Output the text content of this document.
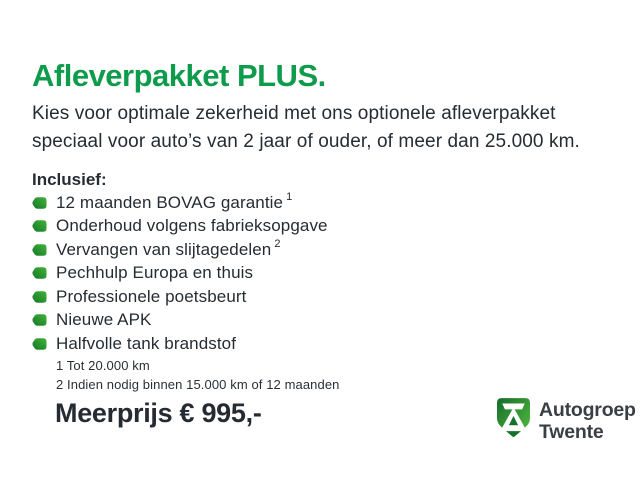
Afleverpakket PLUS.
Kies voor optimale zekerheid met ons optionele afleverpakket
speciaal voor auto’s van 2 jaar of ouder, of meer dan 25.000 km.
Inclusief:
12 maanden BOVAG garantie $^1$
Onderhoud volgens fabrieksopgave
Vervangen van slijtagedelen $^2$
Pechhulp Europa en thuis
Professionele poetsbeurt
Nieuwe APK
Halfvolle tank brandstof
1 Tot 20.000 km
2 Indien nodig binnen 15.000 km of 12 maanden

Meerprijs € 995,-	Autogroep
Twente
